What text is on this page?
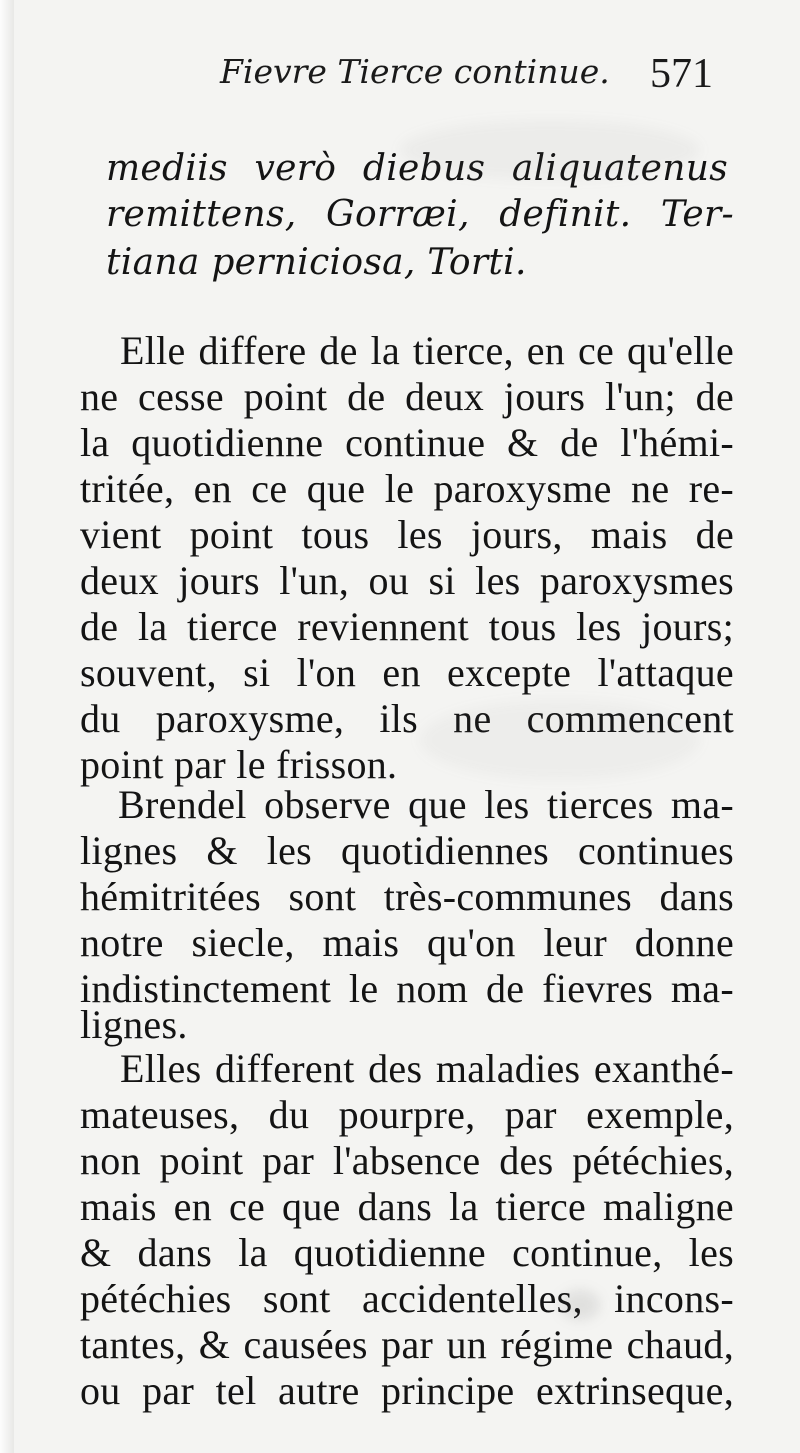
Fievre Tierce continue. 571
mediis verò diebus aliquatenus
remittens, Gorræi, definit. Ter-
tiana perniciosa, Torti.
Elle differe de la tierce, en ce qu'elle
ne cesse point de deux jours l'un; de
la quotidienne continue & de l'hémi-
tritée, en ce que le paroxysme ne re-
vient point tous les jours, mais de
deux jours l'un, ou si les paroxysmes
de la tierce reviennent tous les jours;
souvent, si l'on en excepte l'attaque
du paroxysme, ils ne commencent
point par le frisson.
Brendel observe que les tierces ma-
lignes & les quotidiennes continues
hémitritées sont très-communes dans
notre siecle, mais qu'on leur donne
indistinctement le nom de fievres ma-
lignes.
Elles different des maladies exanthé-
mateuses, du pourpre, par exemple,
non point par l'absence des pétéchies,
mais en ce que dans la tierce maligne
& dans la quotidienne continue, les
pétéchies sont accidentelles, incons-
tantes, & causées par un régime chaud,
ou par tel autre principe extrinseque,
